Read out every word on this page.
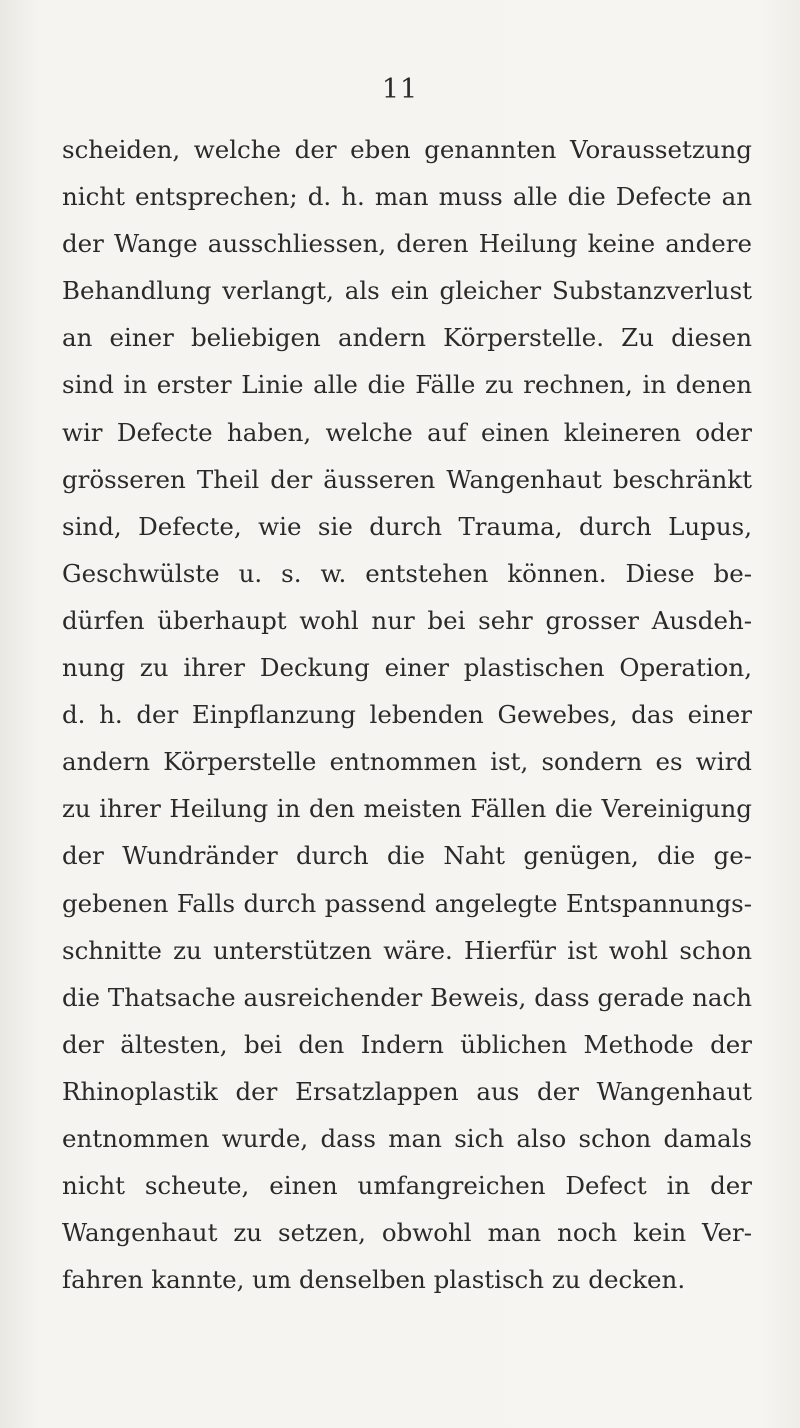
11
scheiden, welche der eben genannten Voraussetzung
nicht entsprechen; d. h. man muss alle die Defecte an
der Wange ausschliessen, deren Heilung keine andere
Behandlung verlangt, als ein gleicher Substanzverlust
an einer beliebigen andern Körperstelle. Zu diesen
sind in erster Linie alle die Fälle zu rechnen, in denen
wir Defecte haben, welche auf einen kleineren oder
grösseren Theil der äusseren Wangenhaut beschränkt
sind, Defecte, wie sie durch Trauma, durch Lupus,
Geschwülste u. s. w. entstehen können. Diese be-
dürfen überhaupt wohl nur bei sehr grosser Ausdeh-
nung zu ihrer Deckung einer plastischen Operation,
d. h. der Einpflanzung lebenden Gewebes, das einer
andern Körperstelle entnommen ist, sondern es wird
zu ihrer Heilung in den meisten Fällen die Vereinigung
der Wundränder durch die Naht genügen, die ge-
gebenen Falls durch passend angelegte Entspannungs-
schnitte zu unterstützen wäre. Hierfür ist wohl schon
die Thatsache ausreichender Beweis, dass gerade nach
der ältesten, bei den Indern üblichen Methode der
Rhinoplastik der Ersatzlappen aus der Wangenhaut
entnommen wurde, dass man sich also schon damals
nicht scheute, einen umfangreichen Defect in der
Wangenhaut zu setzen, obwohl man noch kein Ver-
fahren kannte, um denselben plastisch zu decken.
